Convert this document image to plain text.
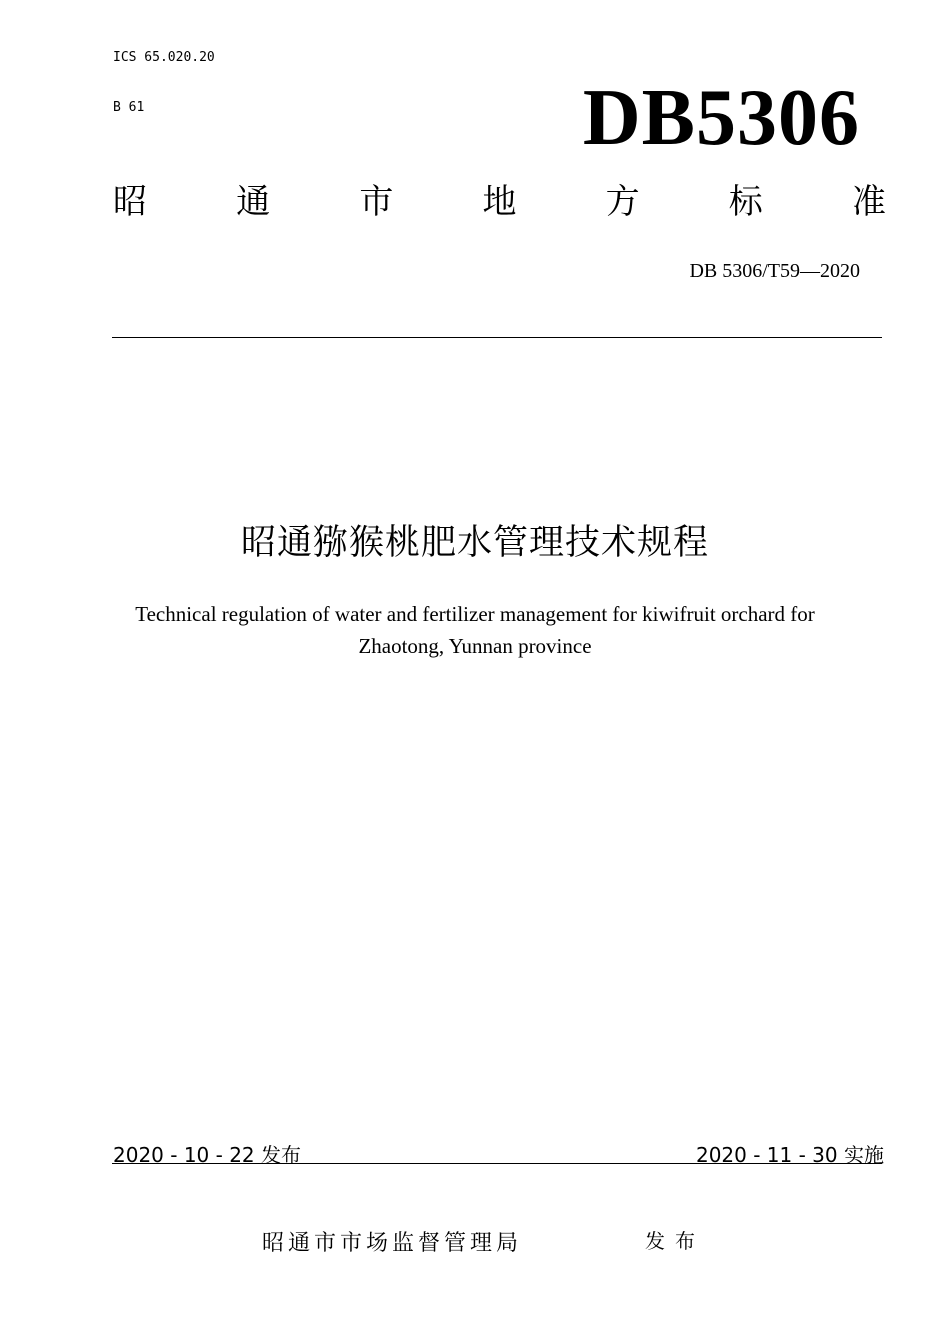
ICS 65.020.20
B 61	DB5306
昭	通	市	地	方	标	准
DB 5306/T59—2020
昭通猕猴桃肥水管理技术规程
Technical regulation of water and fertilizer management for kiwifruit orchard for
Zhaotong, Yunnan province
2020 - 10 - 22 发布	2020 - 11 - 30 实施
昭通市市场监督管理局	发布
